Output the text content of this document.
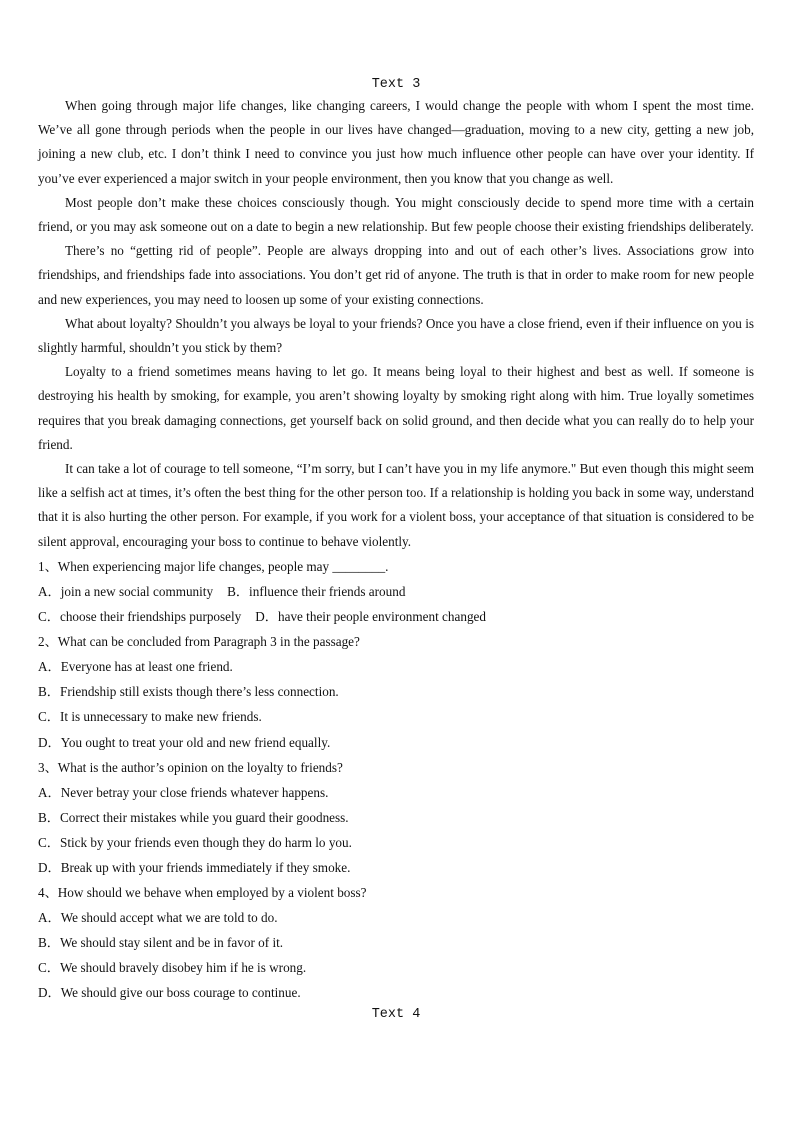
Text 3

When going through major life changes, like changing careers, I would change the people with whom I spent the most time. We’ve all gone through periods when the people in our lives have changed—graduation, moving to a new city, getting a new job, joining a new club, etc. I don’t think I need to convince you just how much influence other people can have over your identity. If you’ve ever experienced a major switch in your people environment, then you know that you change as well.

Most people don’t make these choices consciously though. You might consciously decide to spend more time with a certain friend, or you may ask someone out on a date to begin a new relationship. But few people choose their existing friendships deliberately.

There’s no “getting rid of people”. People are always dropping into and out of each other’s lives. Associations grow into friendships, and friendships fade into associations. You don’t get rid of anyone. The truth is that in order to make room for new people and new experiences, you may need to loosen up some of your existing connections.

What about loyalty? Shouldn’t you always be loyal to your friends? Once you have a close friend, even if their influence on you is slightly harmful, shouldn’t you stick by them?

Loyalty to a friend sometimes means having to let go. It means being loyal to their highest and best as well. If someone is destroying his health by smoking, for example, you aren’t showing loyalty by smoking right along with him. True loyally sometimes requires that you break damaging connections, get yourself back on solid ground, and then decide what you can really do to help your friend.

It can take a lot of courage to tell someone, “I’m sorry, but I can’t have you in my life anymore." But even though this might seem like a selfish act at times, it’s often the best thing for the other person too. If a relationship is holding you back in some way, understand that it is also hurting the other person. For example, if you work for a violent boss, your acceptance of that situation is considered to be silent approval, encouraging your boss to continue to behave violently.

1、When experiencing major life changes, people may ________.
A．join a new social community B．influence their friends around
C．choose their friendships purposely D．have their people environment changed
2、What can be concluded from Paragraph 3 in the passage?
A．Everyone has at least one friend.
B．Friendship still exists though there’s less connection.
C．It is unnecessary to make new friends.
D．You ought to treat your old and new friend equally.
3、What is the author’s opinion on the loyalty to friends?
A．Never betray your close friends whatever happens.
B．Correct their mistakes while you guard their goodness.
C．Stick by your friends even though they do harm lo you.
D．Break up with your friends immediately if they smoke.
4、How should we behave when employed by a violent boss?
A．We should accept what we are told to do.
B．We should stay silent and be in favor of it.
C．We should bravely disobey him if he is wrong.
D．We should give our boss courage to continue.
Text 4
